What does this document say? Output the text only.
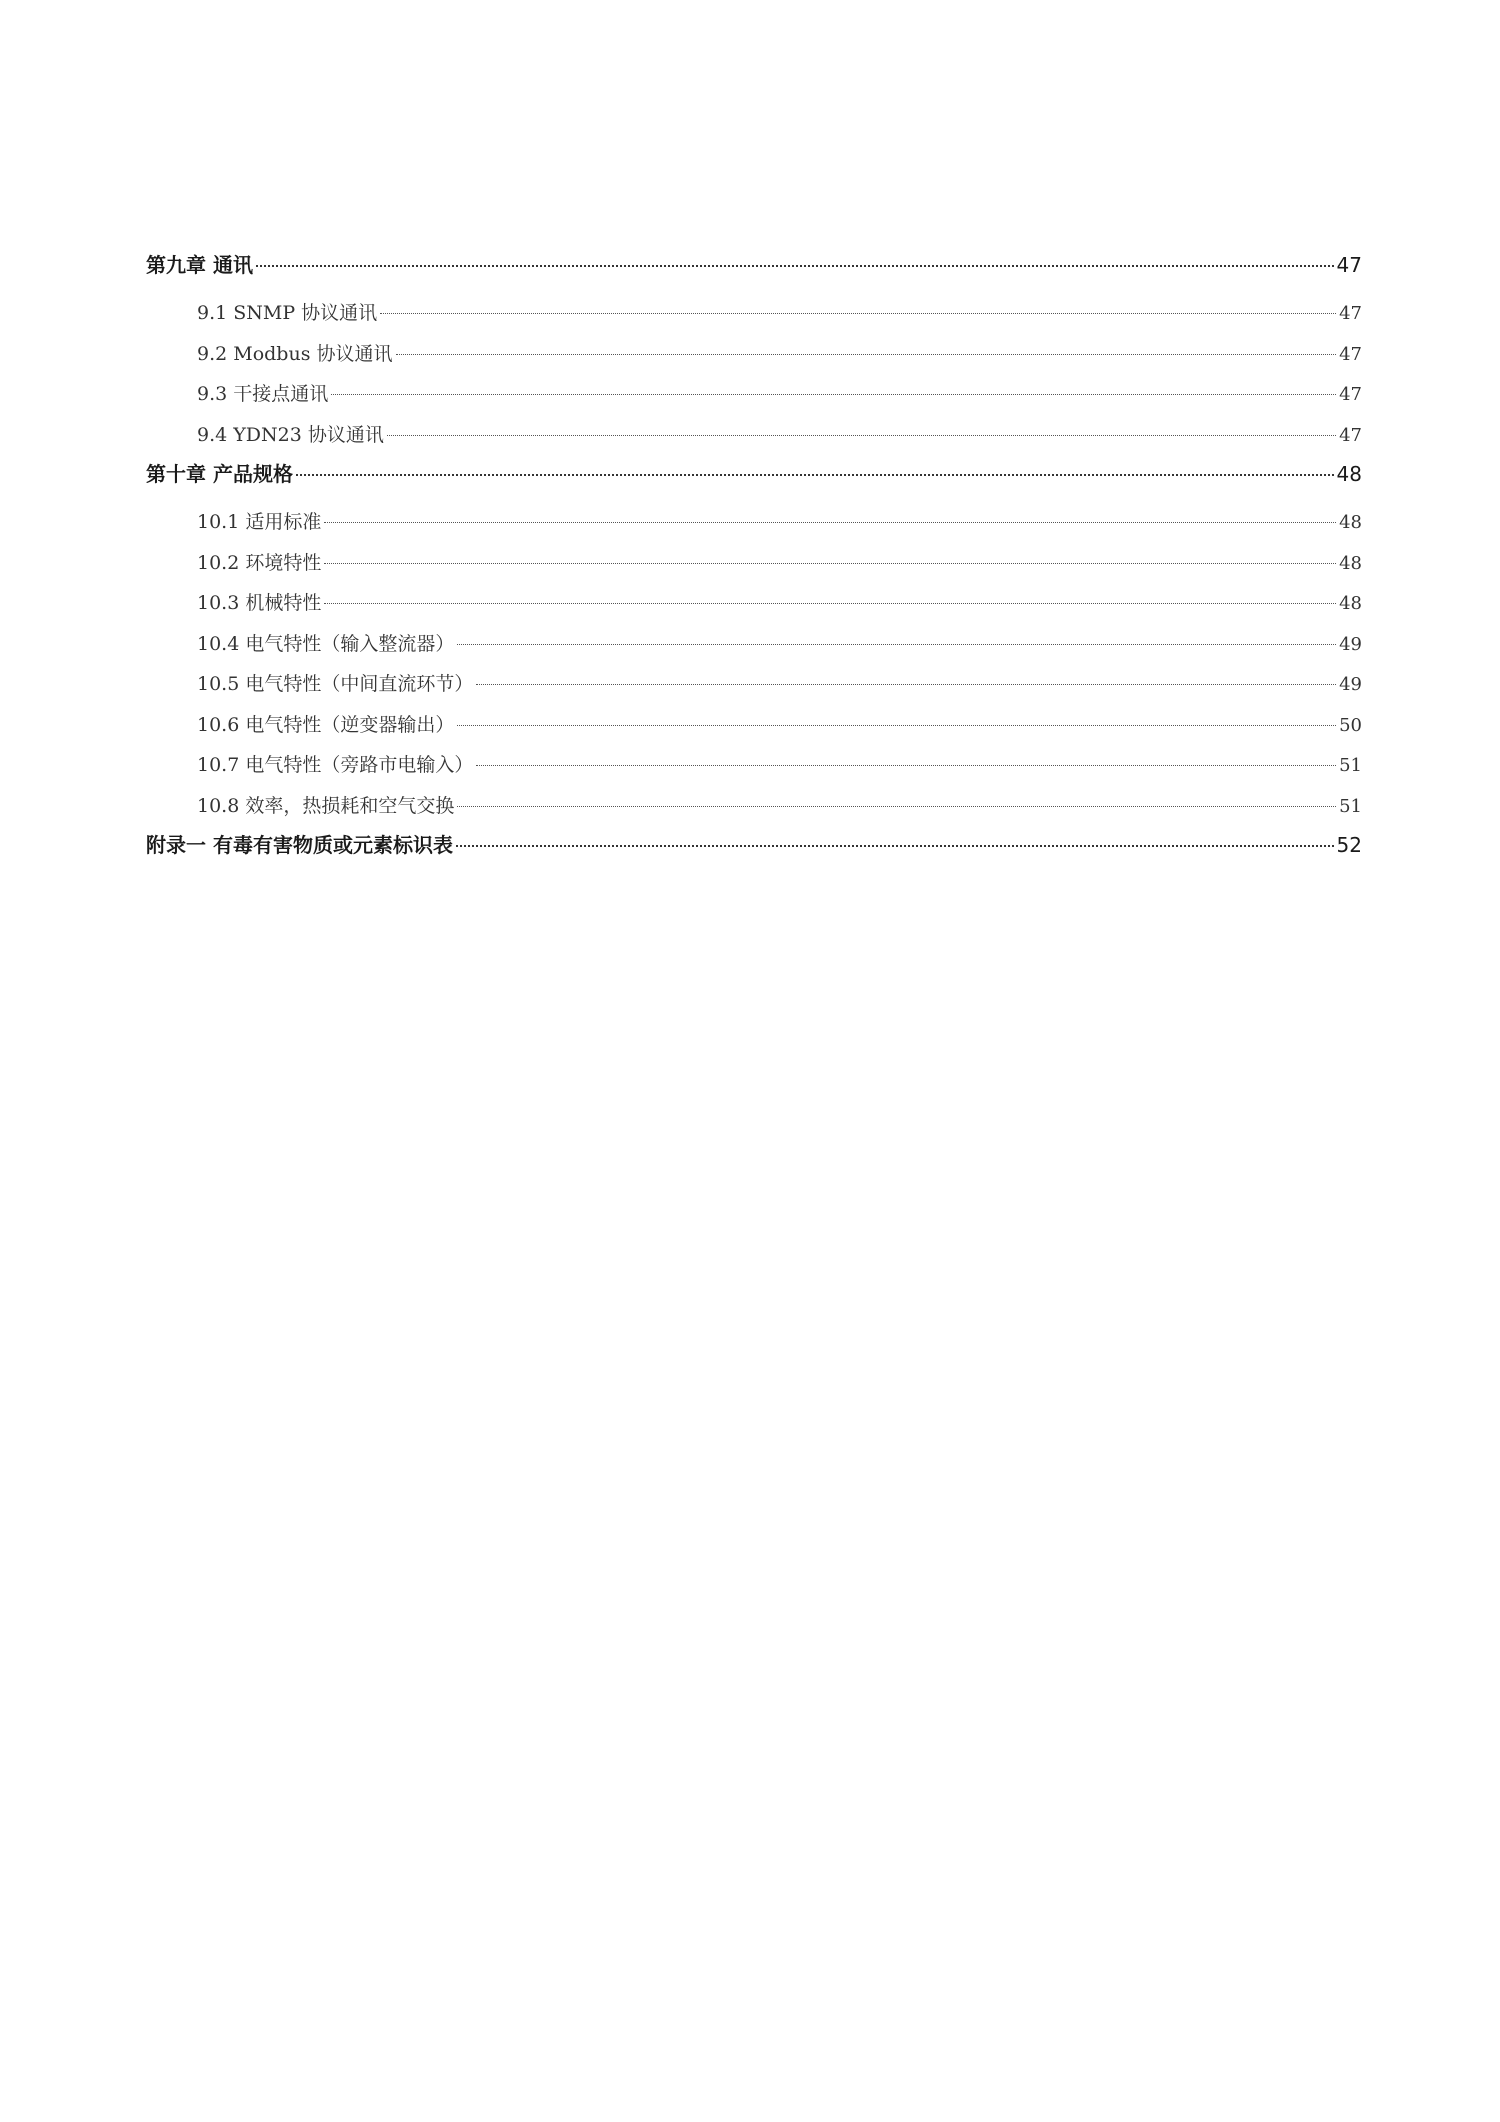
第九章 通讯	47
9.1 SNMP 协议通讯	47
9.2 Modbus 协议通讯	47
9.3 干接点通讯	47
9.4 YDN23 协议通讯	47
第十章 产品规格	48
10.1 适用标准	48
10.2 环境特性	48
10.3 机械特性	48
10.4 电气特性（输入整流器）	49
10.5 电气特性（中间直流环节）	49
10.6 电气特性（逆变器输出）	50
10.7 电气特性（旁路市电输入）	51
10.8 效率，热损耗和空气交换	51
附录一 有毒有害物质或元素标识表	52
